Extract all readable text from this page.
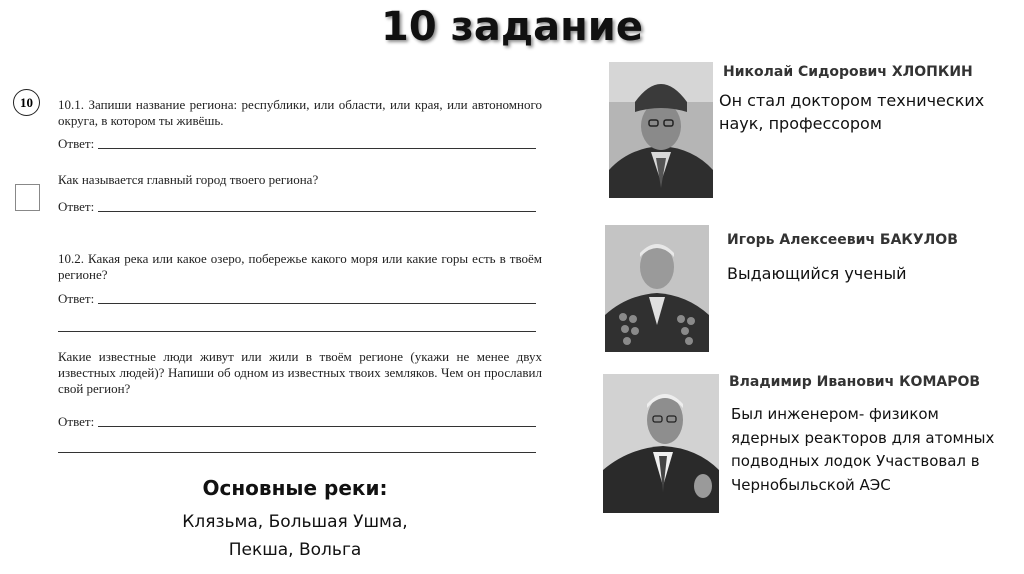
10 задание
10	10.1. Запиши название региона: республики, или области, или края, или автономного округа, в котором ты живёшь.
Ответ:
Как называется главный город твоего региона?
Ответ:
10.2. Какая река или какое озеро, побережье какого моря или какие горы есть в твоём регионе?
Ответ:
Какие известные люди живут или жили в твоём регионе (укажи не менее двух известных людей)? Напиши об одном из известных твоих земляков. Чем он прославил свой регион?
Ответ:
Основные реки:
Клязьма, Большая Ушма, Пекша, Вольга
Николай Сидорович ХЛОПКИН
Он стал доктором технических наук, профессором
Игорь Алексеевич БАКУЛОВ
Выдающийся ученый
Владимир Иванович КОМАРОВ
Был инженером- физиком ядерных реакторов для атомных подводных лодок Участвовал в Чернобыльской АЭС
